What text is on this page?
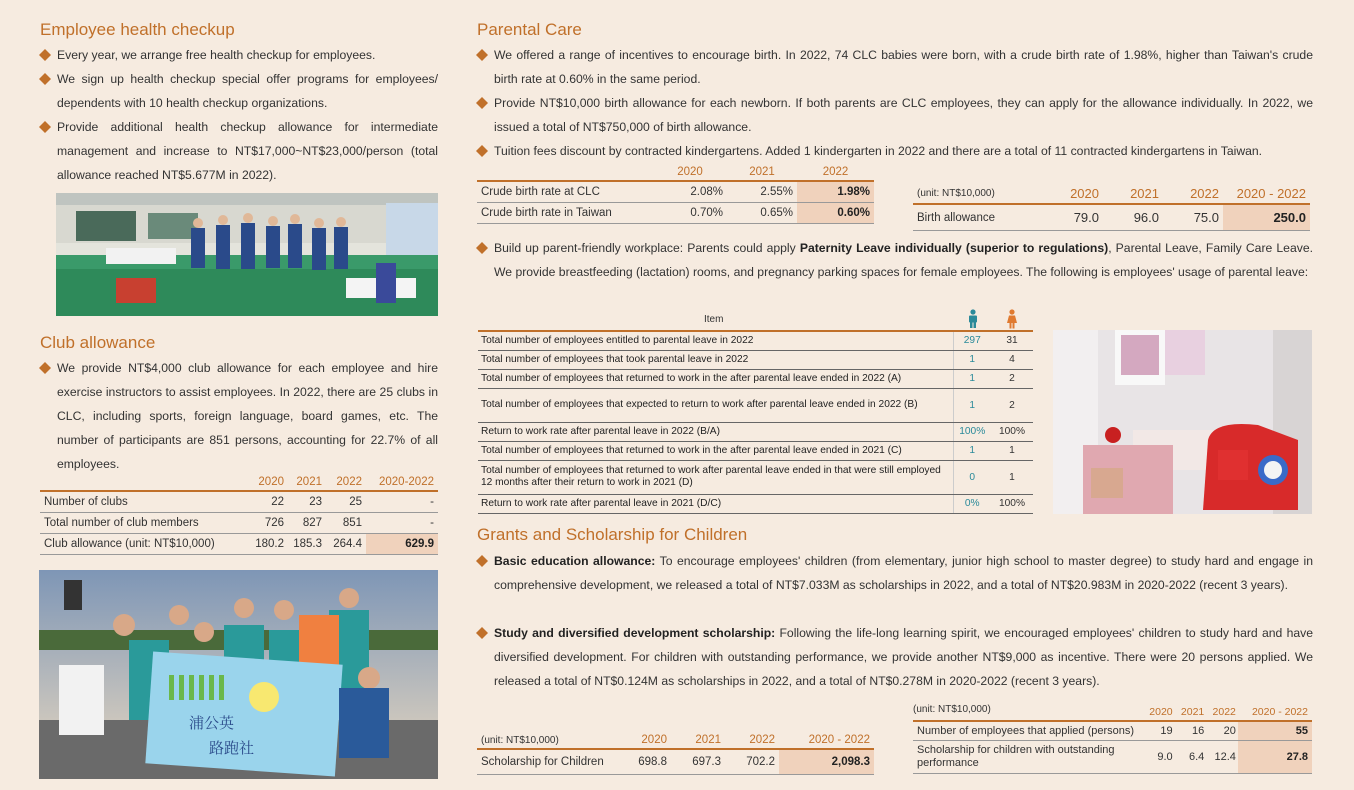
Employee health checkup
Every year, we arrange free health checkup for employees.
We sign up health checkup special offer programs for employees/ dependents with 10 health checkup organizations.
Provide additional health checkup allowance for intermediate management and increase to NT$17,000~NT$23,000/person (total allowance reached NT$5.677M in 2022).
Club allowance
We provide NT$4,000 club allowance for each employee and hire exercise instructors to assist employees. In 2022, there are 25 clubs in CLC, including sports, foreign language, board games, etc. The number of participants are 851 persons, accounting for 22.7% of all employees.
	2020	2021	2022	2020-2022
Number of clubs	22	23	25	-
Total number of club members	726	827	851	-
Club allowance (unit: NT$10,000)	180.2	185.3	264.4	629.9
浦公英
路跑社
Parental Care
We offered a range of incentives to encourage birth. In 2022, 74 CLC babies were born, with a crude birth rate of 1.98%, higher than Taiwan's crude birth rate at 0.60% in the same period.
Provide NT$10,000 birth allowance for each newborn. If both parents are CLC employees, they can apply for the allowance individually. In 2022, we issued a total of NT$750,000 of birth allowance.
Tuition fees discount by contracted kindergartens. Added 1 kindergarten in 2022 and there are a total of 11 contracted kindergartens in Taiwan.
	2020	2021	2022
Crude birth rate at CLC	2.08%	2.55%	1.98%
Crude birth rate in Taiwan	0.70%	0.65%	0.60%
(unit: NT$10,000)	2020	2021	2022	2020 - 2022
Birth allowance	79.0	96.0	75.0	250.0
Build up parent-friendly workplace: Parents could apply Paternity Leave individually (superior to regulations), Parental Leave, Family Care Leave. We provide breastfeeding (lactation) rooms, and pregnancy parking spaces for female employees. The following is employees' usage of parental leave:
Item
Total number of employees entitled to parental leave in 2022	297	31
Total number of employees that took parental leave in 2022	1	4
Total number of employees that returned to work in the after parental leave ended in 2022 (A)	1	2
Total number of employees that expected to return to work after parental leave ended in 2022 (B)	1	2
Return to work rate after parental leave in 2022 (B/A)	100%	100%
Total number of employees that returned to work in the after parental leave ended in 2021 (C)	1	1
Total number of employees that returned to work after parental leave ended in that were still employed 12 months after their return to work in 2021 (D)	0	1
Return to work rate after parental leave in 2021 (D/C)	0%	100%
Grants and Scholarship for Children
Basic education allowance: To encourage employees' children (from elementary, junior high school to master degree) to study hard and engage in comprehensive development, we released a total of NT$7.033M as scholarships in 2022, and a total of NT$20.983M in 2020-2022 (recent 3 years).
Study and diversified development scholarship: Following the life-long learning spirit, we encouraged employees' children to study hard and have diversified development. For children with outstanding performance, we provide another NT$9,000 as incentive. There were 20 persons applied. We released a total of NT$0.124M as scholarships in 2022, and a total of NT$0.278M in 2020-2022 (recent 3 years).
(unit: NT$10,000)	2020	2021	2022	2020 - 2022
Scholarship for Children	698.8	697.3	702.2	2,098.3
(unit: NT$10,000)
		2020	2021	2022	2020 - 2022
Number of employees that applied (persons)	19	16	20	55
Scholarship for children with outstanding performance	9.0	6.4	12.4	27.8
